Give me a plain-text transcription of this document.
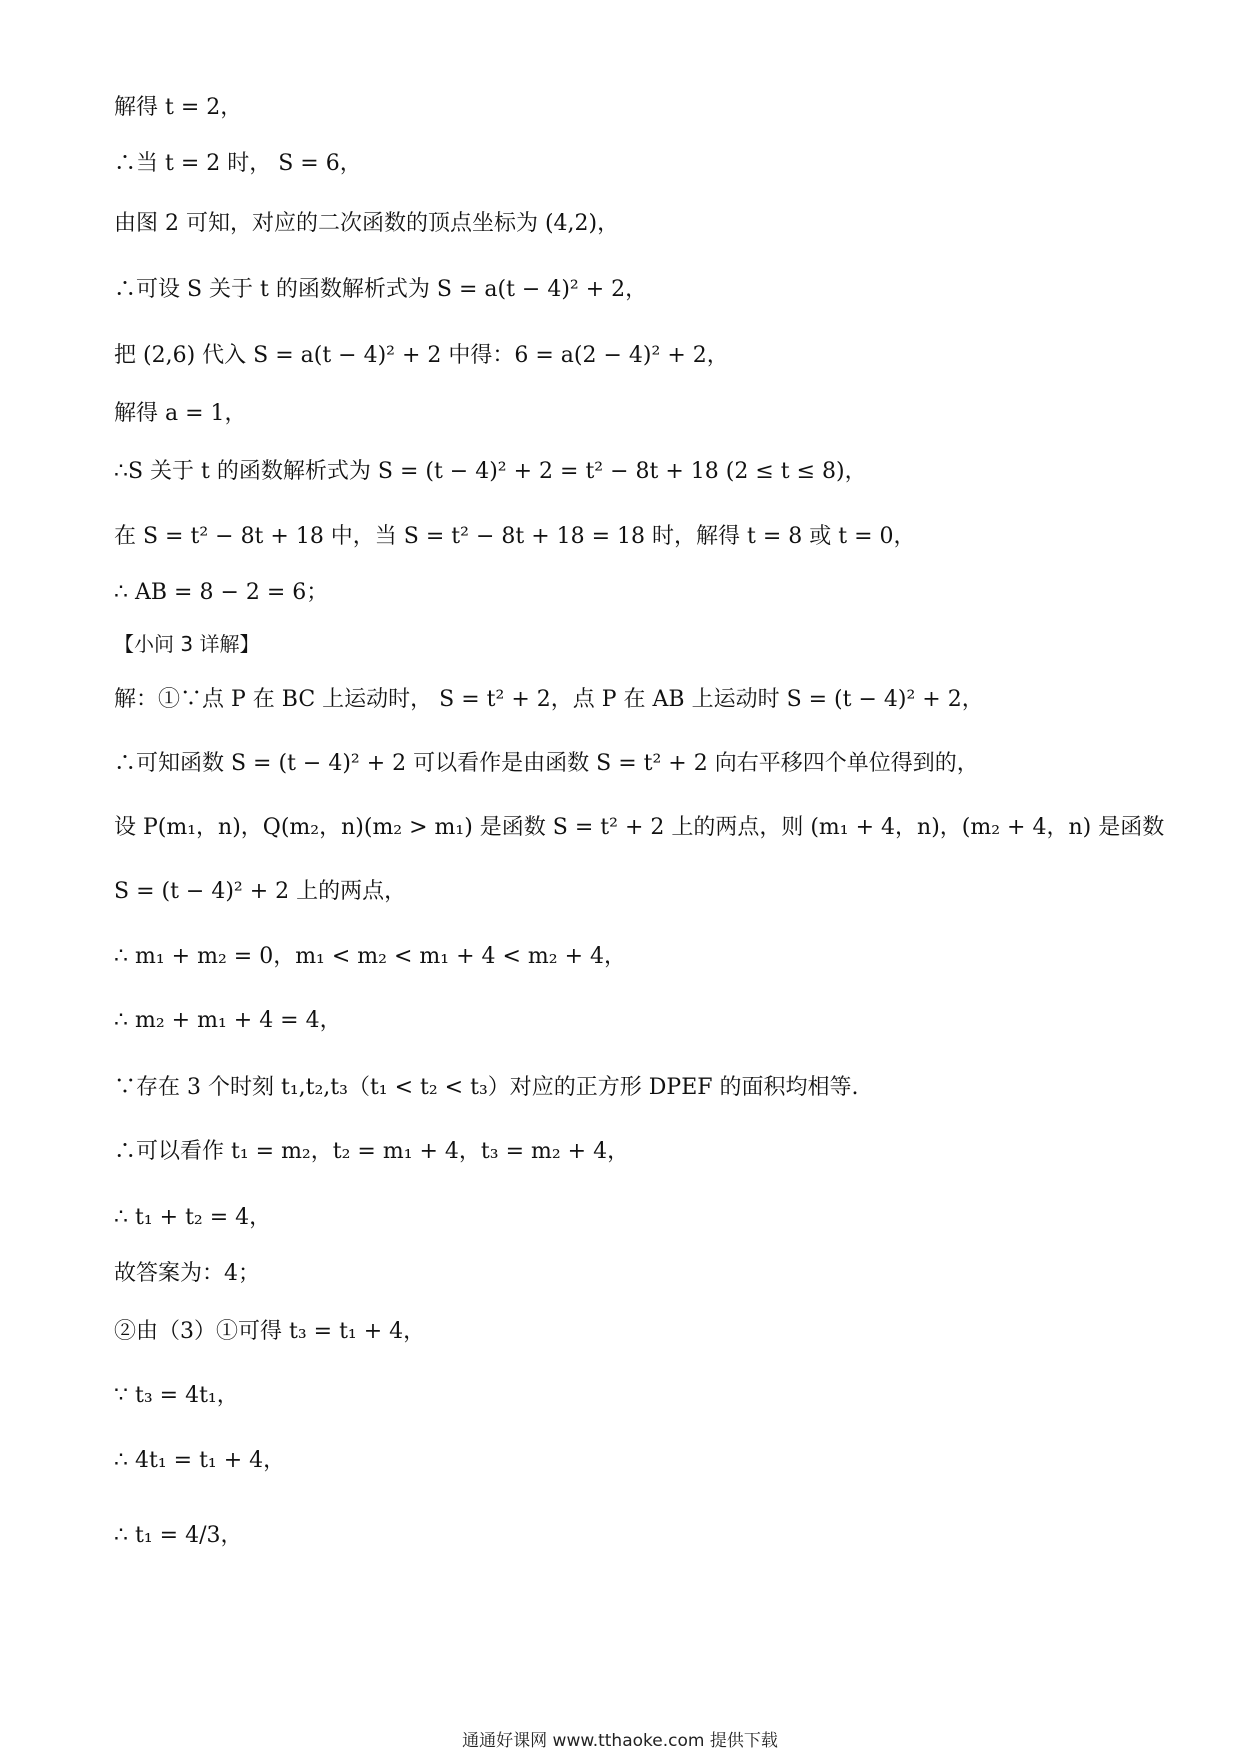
解得 t = 2，
∴当 t = 2 时， S = 6，
由图 2 可知，对应的二次函数的顶点坐标为 (4,2)，
∴可设 S 关于 t 的函数解析式为 S = a(t − 4)² + 2，
把 (2,6) 代入 S = a(t − 4)² + 2 中得：6 = a(2 − 4)² + 2，
解得 a = 1，
∴S 关于 t 的函数解析式为 S = (t − 4)² + 2 = t² − 8t + 18 (2 ≤ t ≤ 8)，
在 S = t² − 8t + 18 中，当 S = t² − 8t + 18 = 18 时，解得 t = 8 或 t = 0，
∴ AB = 8 − 2 = 6；
【小问 3 详解】
解：①∵点 P 在 BC 上运动时， S = t² + 2，点 P 在 AB 上运动时 S = (t − 4)² + 2，
∴可知函数 S = (t − 4)² + 2 可以看作是由函数 S = t² + 2 向右平移四个单位得到的，
设 P(m₁，n)，Q(m₂，n)(m₂ > m₁) 是函数 S = t² + 2 上的两点，则 (m₁ + 4，n)，(m₂ + 4，n) 是函数
S = (t − 4)² + 2 上的两点，
∴ m₁ + m₂ = 0，m₁ < m₂ < m₁ + 4 < m₂ + 4，
∴ m₂ + m₁ + 4 = 4，
∵存在 3 个时刻 t₁,t₂,t₃（t₁ < t₂ < t₃）对应的正方形 DPEF 的面积均相等.
∴可以看作 t₁ = m₂，t₂ = m₁ + 4，t₃ = m₂ + 4，
∴ t₁ + t₂ = 4，
故答案为：4；
②由（3）①可得 t₃ = t₁ + 4，
∵ t₃ = 4t₁，
∴ 4t₁ = t₁ + 4，
∴ t₁ = 4/3，
通通好课网 www.tthaoke.com 提供下载
